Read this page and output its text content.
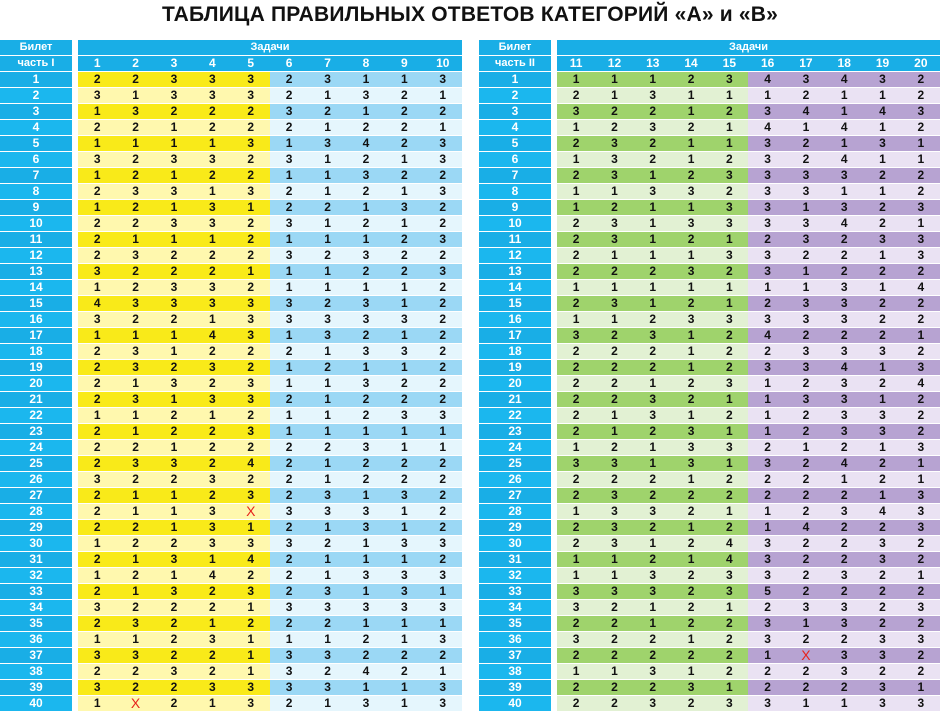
ТАБЛИЦА ПРАВИЛЬНЫХ ОТВЕТОВ КАТЕГОРИЙ «А» и «В»
Билет		Задачи									
часть I		1	2	3	4	5	6	7	8	9	10
1		2	2	3	3	3	2	3	1	1	3
2		3	1	3	3	3	2	1	3	2	1
3		1	3	2	2	2	3	2	1	2	2
4		2	2	1	2	2	2	1	2	2	1
5		1	1	1	1	3	1	3	4	2	3
6		3	2	3	3	2	3	1	2	1	3
7		1	2	1	2	2	1	1	3	2	2
8		2	3	3	1	3	2	1	2	1	3
9		1	2	1	3	1	2	2	1	3	2
10		2	2	3	3	2	3	1	2	1	2
11		2	1	1	1	2	1	1	1	2	3
12		2	3	2	2	2	3	2	3	2	2
13		3	2	2	2	1	1	1	2	2	3
14		1	2	3	3	2	1	1	1	1	2
15		4	3	3	3	3	3	2	3	1	2
16		3	2	2	1	3	3	3	3	3	2
17		1	1	1	4	3	1	3	2	1	2
18		2	3	1	2	2	2	1	3	3	2
19		2	3	2	3	2	1	2	1	1	2
20		2	1	3	2	3	1	1	3	2	2
21		2	3	1	3	3	2	1	2	2	2
22		1	1	2	1	2	1	1	2	3	3
23		2	1	2	2	3	1	1	1	1	1
24		2	2	1	2	2	2	2	3	1	1
25		2	3	3	2	4	2	1	2	2	2
26		3	2	2	3	2	2	1	2	2	2
27		2	1	1	2	3	2	3	1	3	2
28		2	1	1	3	X	3	3	3	1	2
29		2	2	1	3	1	2	1	3	1	2
30		1	2	2	3	3	3	2	1	3	3
31		2	1	3	1	4	2	1	1	1	2
32		1	2	1	4	2	2	1	3	3	3
33		2	1	3	2	3	2	3	1	3	1
34		3	2	2	2	1	3	3	3	3	3
35		2	3	2	1	2	2	2	1	1	1
36		1	1	2	3	1	1	1	2	1	3
37		3	3	2	2	1	3	3	2	2	2
38		2	2	3	2	1	3	2	4	2	1
39		3	2	2	3	3	3	3	1	1	3
40		1	X	2	1	3	2	1	3	1	3
Билет		Задачи									
часть II		11	12	13	14	15	16	17	18	19	20
1		1	1	1	2	3	4	3	4	3	2
2		2	1	3	1	1	1	2	1	1	2
3		3	2	2	1	2	3	4	1	4	3
4		1	2	3	2	1	4	1	4	1	2
5		2	3	2	1	1	3	2	1	3	1
6		1	3	2	1	2	3	2	4	1	1
7		2	3	1	2	3	3	3	3	2	2
8		1	1	3	3	2	3	3	1	1	2
9		1	2	1	1	3	3	1	3	2	3
10		2	3	1	3	3	3	3	4	2	1
11		2	3	1	2	1	2	3	2	3	3
12		2	1	1	1	3	3	2	2	1	3
13		2	2	2	3	2	3	1	2	2	2
14		1	1	1	1	1	1	1	3	1	4
15		2	3	1	2	1	2	3	3	2	2
16		1	1	2	3	3	3	3	3	2	2
17		3	2	3	1	2	4	2	2	2	1
18		2	2	2	1	2	2	3	3	3	2
19		2	2	2	1	2	3	3	4	1	3
20		2	2	1	2	3	1	2	3	2	4
21		2	2	3	2	1	1	3	3	1	2
22		2	1	3	1	2	1	2	3	3	2
23		2	1	2	3	1	1	2	3	3	2
24		1	2	1	3	3	2	1	2	1	3
25		3	3	1	3	1	3	2	4	2	1
26		2	2	2	1	2	2	2	1	2	1
27		2	3	2	2	2	2	2	2	1	3
28		1	3	3	2	1	1	2	3	4	3
29		2	3	2	1	2	1	4	2	2	3
30		2	3	1	2	4	3	2	2	3	2
31		1	1	2	1	4	3	2	2	3	2
32		1	1	3	2	3	3	2	3	2	1
33		3	3	3	2	3	5	2	2	2	2
34		3	2	1	2	1	2	3	3	2	3
35		2	2	1	2	2	3	1	3	2	2
36		3	2	2	1	2	3	2	2	3	3
37		2	2	2	2	2	1	X	3	3	2
38		1	1	3	1	2	2	2	3	2	2
39		2	2	2	3	1	2	2	2	3	1
40		2	2	3	2	3	3	1	1	3	3
